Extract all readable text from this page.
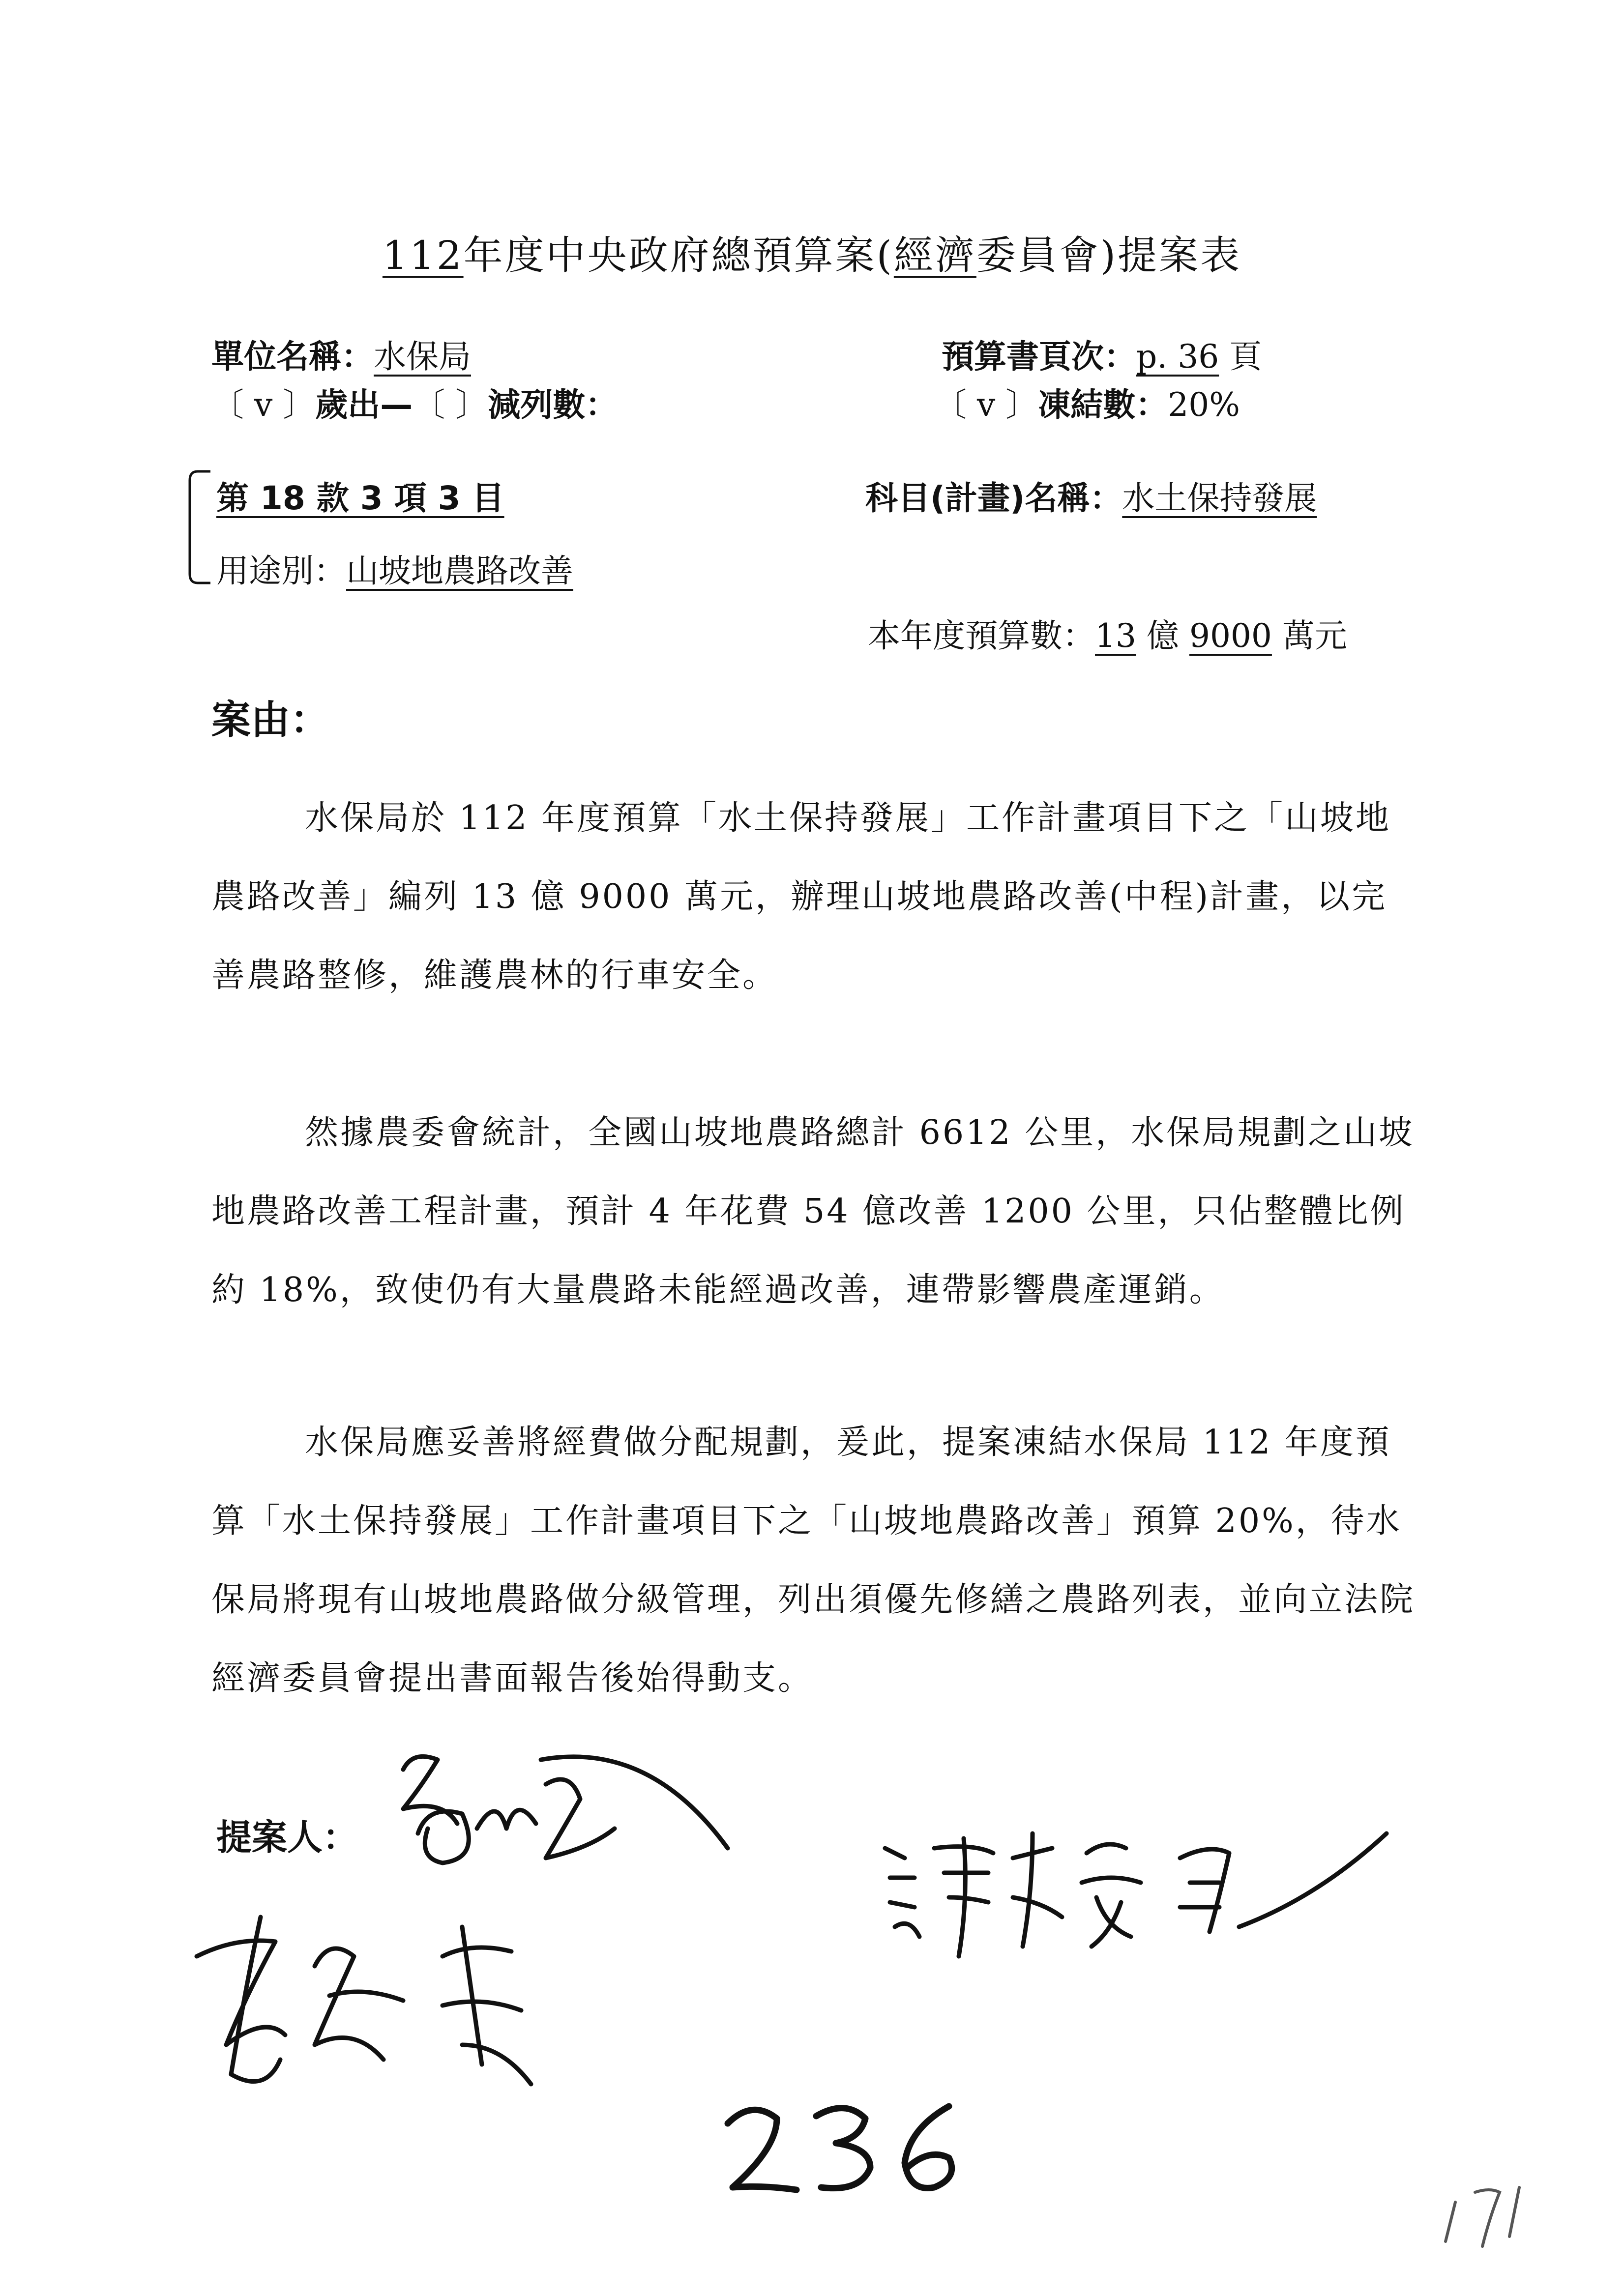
112年度中央政府總預算案(經濟委員會)提案表
單位名稱：水保局	預算書頁次：p. 36 頁
〔 v 〕歲出—〔 〕減列數：	〔 v 〕凍結數：20%
第 18 款 3 項 3 目	科目(計畫)名稱：水土保持發展
用途別：山坡地農路改善
本年度預算數：13 億 9000 萬元
案由：

水保局於 112 年度預算「水土保持發展」工作計畫項目下之「山坡地農路改善」編列 13 億 9000 萬元，辦理山坡地農路改善(中程)計畫，以完善農路整修，維護農林的行車安全。

然據農委會統計，全國山坡地農路總計 6612 公里，水保局規劃之山坡地農路改善工程計畫，預計 4 年花費 54 億改善 1200 公里，只佔整體比例約 18%，致使仍有大量農路未能經過改善，連帶影響農產運銷。

水保局應妥善將經費做分配規劃，爰此，提案凍結水保局 112 年度預算「水土保持發展」工作計畫項目下之「山坡地農路改善」預算 20%，待水保局將現有山坡地農路做分級管理，列出須優先修繕之農路列表，並向立法院經濟委員會提出書面報告後始得動支。

提案人：
